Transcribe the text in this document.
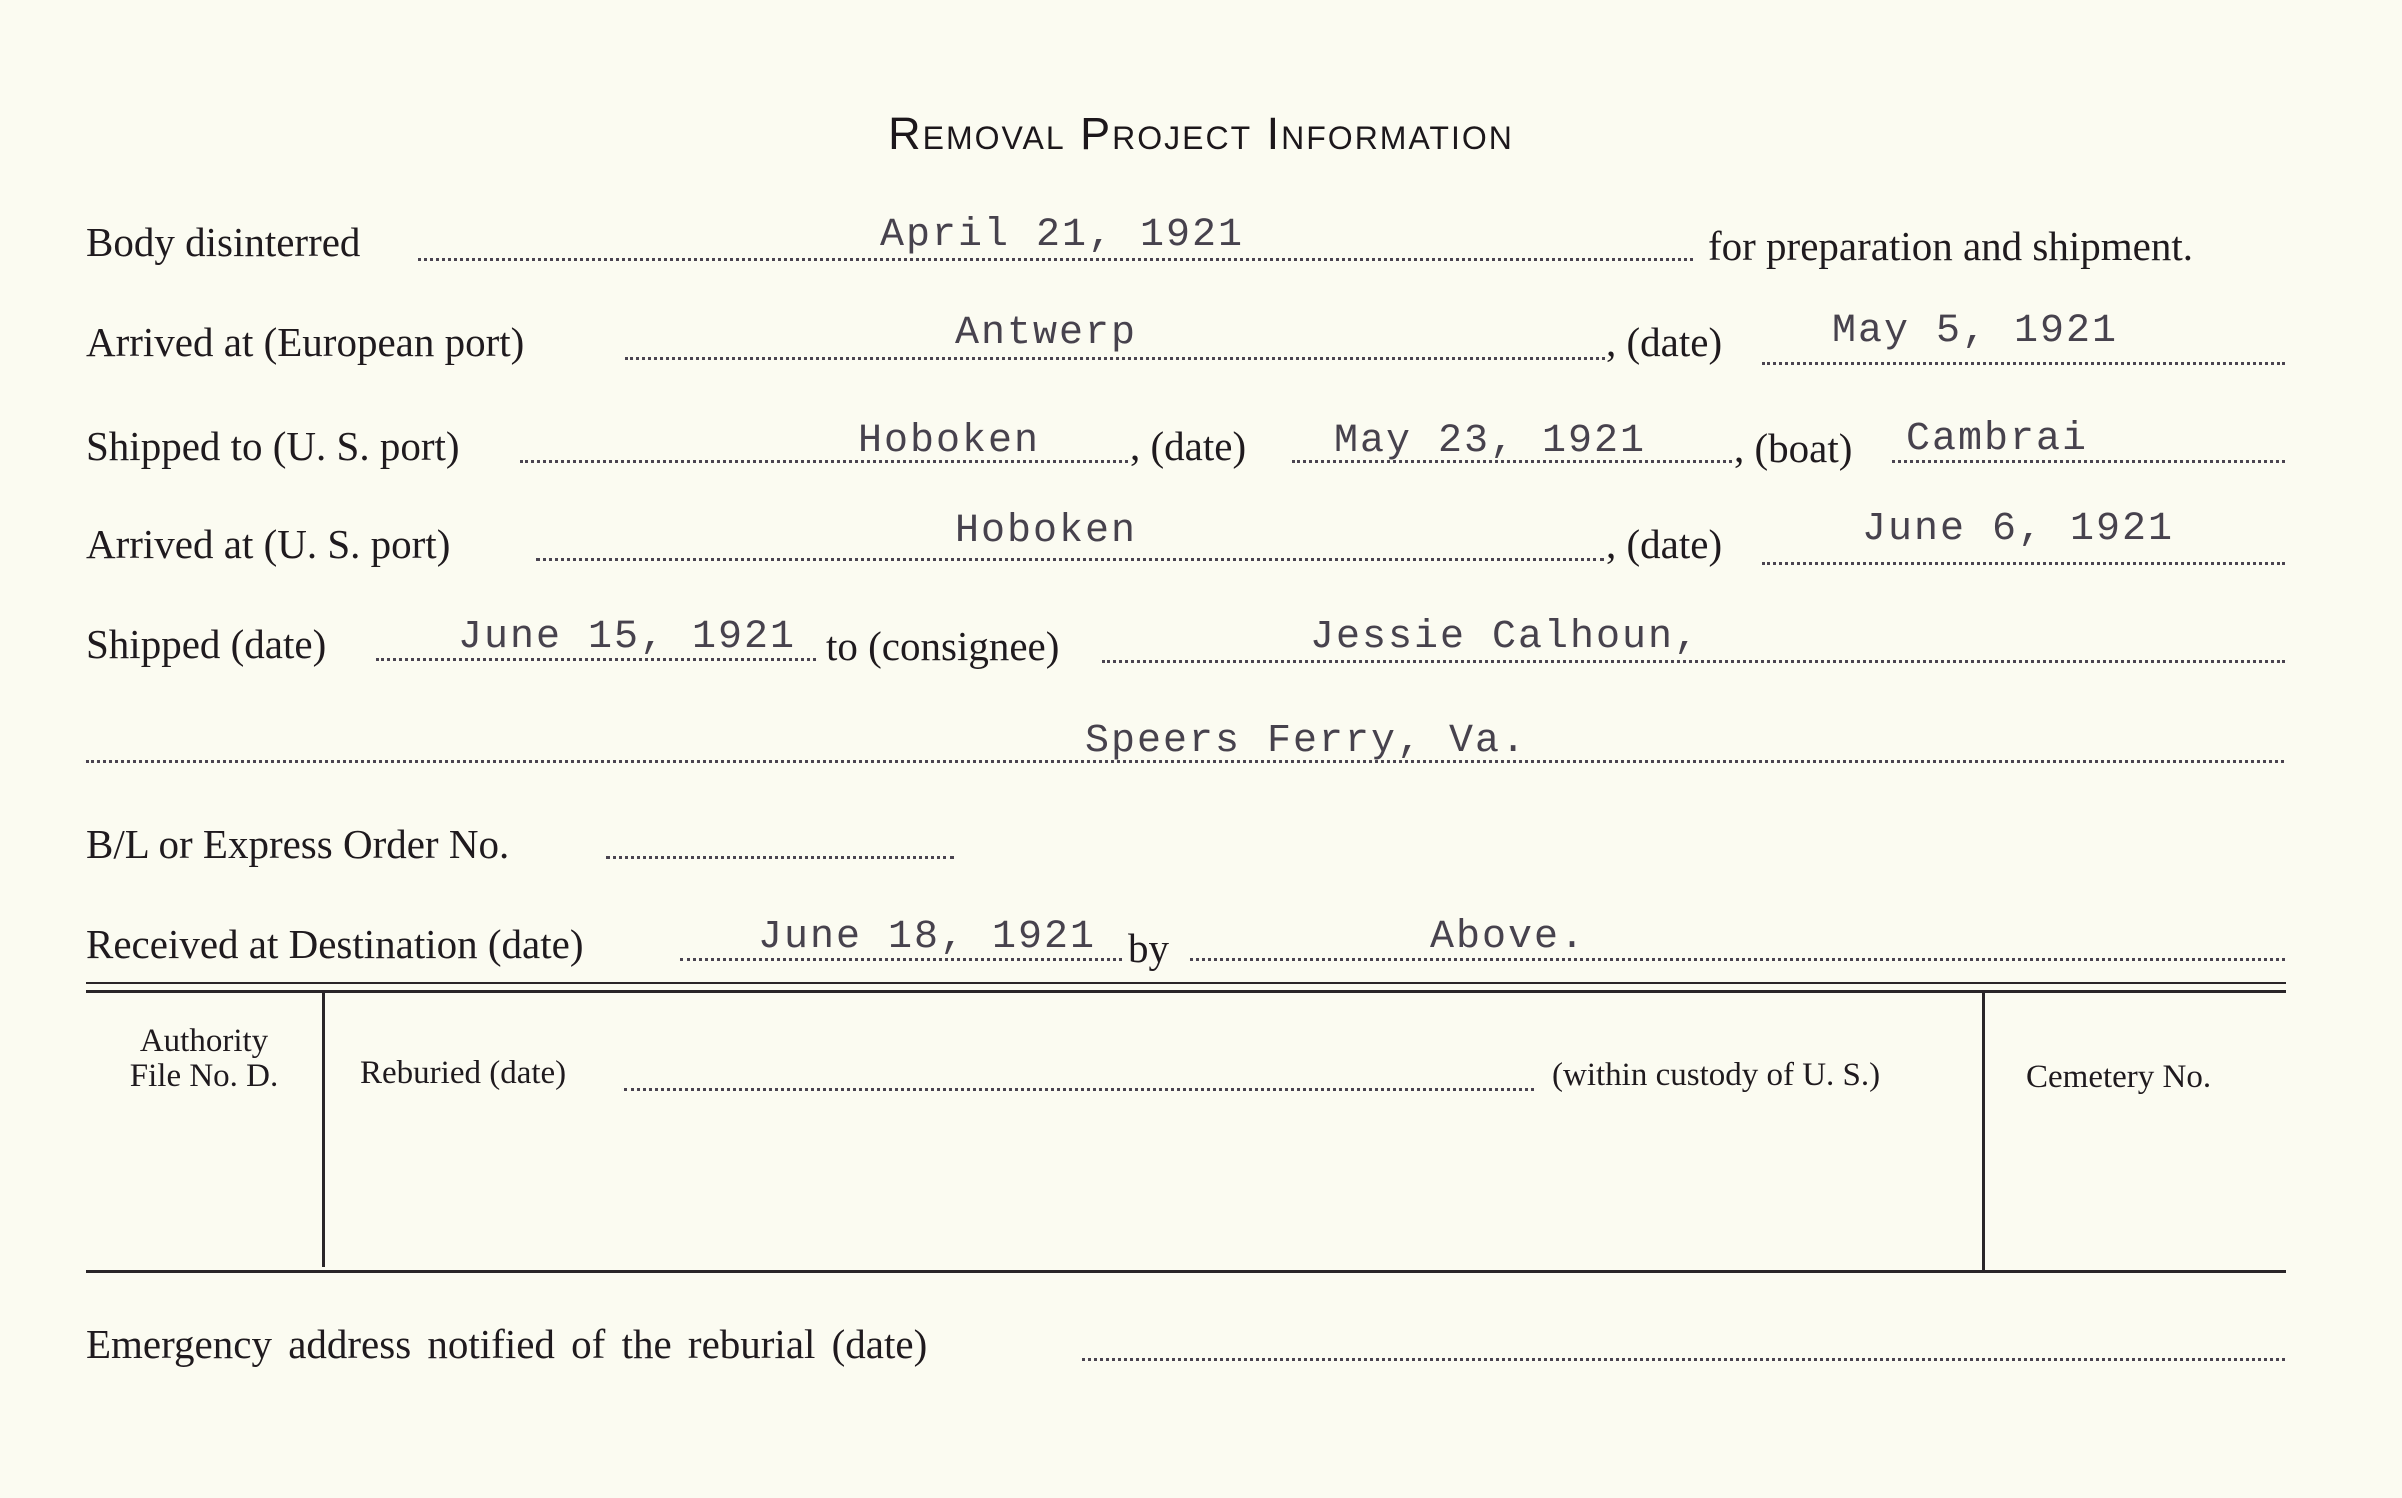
Removal Project Information
Body disinterred	April 21, 1921	for preparation and shipment.
Arrived at (European port)	Antwerp	, (date)	May 5, 1921
Shipped to (U. S. port)	Hoboken , (date) May 23, 1921 , (boat) Cambrai
Arrived at (U. S. port)	Hoboken	, (date)	June 6, 1921
Shipped (date)	June 15, 1921 to (consignee)	Jessie Calhoun,
Speers Ferry, Va.
B/L or Express Order No.
Received at Destination (date)	June 18, 1921 by	Above.
Authority
File No. D.	Reburied (date)	(within custody of U. S.)	Cemetery No.
Emergency address notified of the reburial (date)
